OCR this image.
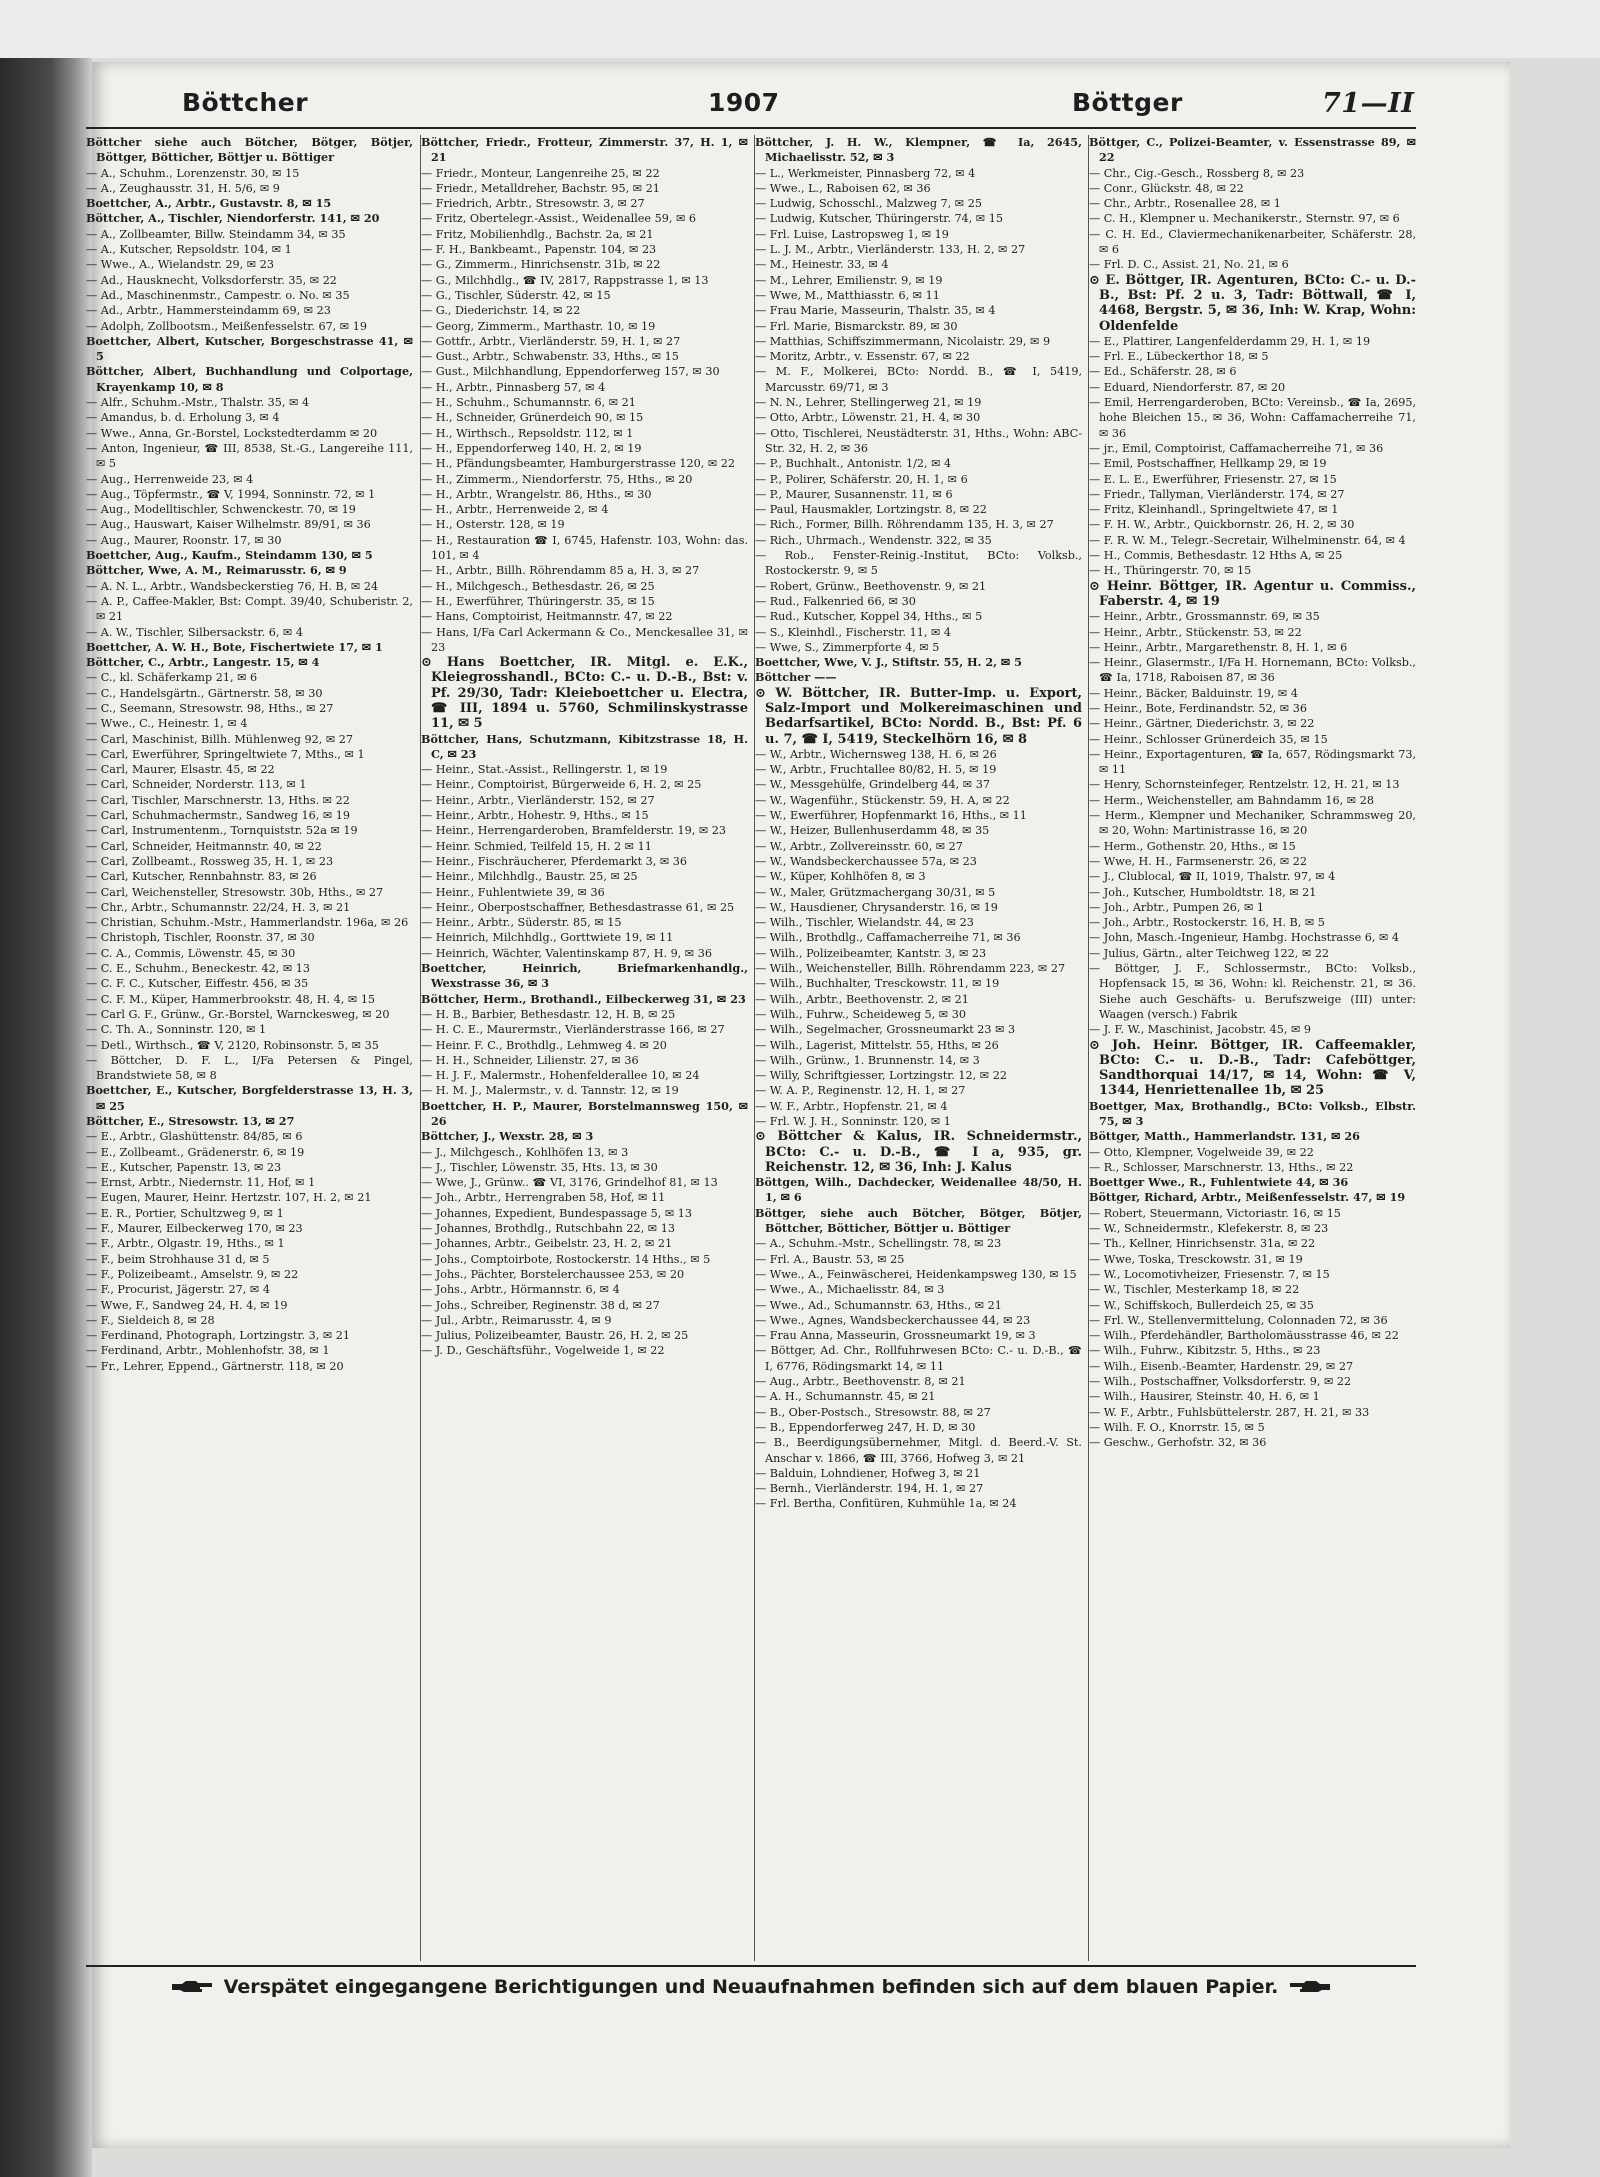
Böttcher	1907	Böttger	71—II
Böttcher siehe auch Bötcher, Bötger, Bötjer, Böttger, Bötticher, Böttjer u. Böttiger
— A., Schuhm., Lorenzenstr. 30, ✉ 15
— A., Zeughausstr. 31, H. 5/6, ✉ 9
Boettcher, A., Arbtr., Gustavstr. 8, ✉ 15
Böttcher, A., Tischler, Niendorferstr. 141, ✉ 20
— A., Zollbeamter, Billw. Steindamm 34, ✉ 35
— A., Kutscher, Repsoldstr. 104, ✉ 1
— Wwe., A., Wielandstr. 29, ✉ 23
— Ad., Hausknecht, Volksdorferstr. 35, ✉ 22
— Ad., Maschinenmstr., Campestr. o. No. ✉ 35
— Ad., Arbtr., Hammersteindamm 69, ✉ 23
— Adolph, Zollbootsm., Meißenfesselstr. 67, ✉ 19
Boettcher, Albert, Kutscher, Borgeschstrasse 41, ✉ 5
Böttcher, Albert, Buchhandlung und Colportage, Krayenkamp 10, ✉ 8
— Alfr., Schuhm.-Mstr., Thalstr. 35, ✉ 4
— Amandus, b. d. Erholung 3, ✉ 4
— Wwe., Anna, Gr.-Borstel, Lockstedterdamm ✉ 20
— Anton, Ingenieur, ☎ III, 8538, St.-G., Langereihe 111, ✉ 5
— Aug., Herrenweide 23, ✉ 4
— Aug., Töpfermstr., ☎ V, 1994, Sonninstr. 72, ✉ 1
— Aug., Modelltischler, Schwenckestr. 70, ✉ 19
— Aug., Hauswart, Kaiser Wilhelmstr. 89/91, ✉ 36
— Aug., Maurer, Roonstr. 17, ✉ 30
Boettcher, Aug., Kaufm., Steindamm 130, ✉ 5
Böttcher, Wwe, A. M., Reimarusstr. 6, ✉ 9
— A. N. L., Arbtr., Wandsbeckerstieg 76, H. B, ✉ 24
— A. P., Caffee-Makler, Bst: Compt. 39/40, Schuberistr. 2, ✉ 21
— A. W., Tischler, Silbersackstr. 6, ✉ 4
Boettcher, A. W. H., Bote, Fischertwiete 17, ✉ 1
Böttcher, C., Arbtr., Langestr. 15, ✉ 4
— C., kl. Schäferkamp 21, ✉ 6
— C., Handelsgärtn., Gärtnerstr. 58, ✉ 30
— C., Seemann, Stresowstr. 98, Hths., ✉ 27
— Wwe., C., Heinestr. 1, ✉ 4
— Carl, Maschinist, Billh. Mühlenweg 92, ✉ 27
— Carl, Ewerführer, Springeltwiete 7, Mths., ✉ 1
— Carl, Maurer, Elsastr. 45, ✉ 22
— Carl, Schneider, Norderstr. 113, ✉ 1
— Carl, Tischler, Marschnerstr. 13, Hths. ✉ 22
— Carl, Schuhmachermstr., Sandweg 16, ✉ 19
— Carl, Instrumentenm., Tornquiststr. 52a ✉ 19
— Carl, Schneider, Heitmannstr. 40, ✉ 22
— Carl, Zollbeamt., Rossweg 35, H. 1, ✉ 23
— Carl, Kutscher, Rennbahnstr. 83, ✉ 26
— Carl, Weichensteller, Stresowstr. 30b, Hths., ✉ 27
— Chr., Arbtr., Schumannstr. 22/24, H. 3, ✉ 21
— Christian, Schuhm.-Mstr., Hammerlandstr. 196a, ✉ 26
— Christoph, Tischler, Roonstr. 37, ✉ 30
— C. A., Commis, Löwenstr. 45, ✉ 30
— C. E., Schuhm., Beneckestr. 42, ✉ 13
— C. F. C., Kutscher, Eiffestr. 456, ✉ 35
— C. F. M., Küper, Hammerbrookstr. 48, H. 4, ✉ 15
— Carl G. F., Grünw., Gr.-Borstel, Warnckesweg, ✉ 20
— C. Th. A., Sonninstr. 120, ✉ 1
— Detl., Wirthsch., ☎ V, 2120, Robinsonstr. 5, ✉ 35
— Böttcher, D. F. L., I/Fa Petersen & Pingel, Brandstwiete 58, ✉ 8
Boettcher, E., Kutscher, Borgfelderstrasse 13, H. 3, ✉ 25
Böttcher, E., Stresowstr. 13, ✉ 27
— E., Arbtr., Glashüttenstr. 84/85, ✉ 6
— E., Zollbeamt., Grädenerstr. 6, ✉ 19
— E., Kutscher, Papenstr. 13, ✉ 23
— Ernst, Arbtr., Niedernstr. 11, Hof, ✉ 1
— Eugen, Maurer, Heinr. Hertzstr. 107, H. 2, ✉ 21
— E. R., Portier, Schultzweg 9, ✉ 1
— F., Maurer, Eilbeckerweg 170, ✉ 23
— F., Arbtr., Olgastr. 19, Hths., ✉ 1
— F., beim Strohhause 31 d, ✉ 5
— F., Polizeibeamt., Amselstr. 9, ✉ 22
— F., Procurist, Jägerstr. 27, ✉ 4
— Wwe, F., Sandweg 24, H. 4, ✉ 19
— F., Sieldeich 8, ✉ 28
— Ferdinand, Photograph, Lortzingstr. 3, ✉ 21
— Ferdinand, Arbtr., Mohlenhofstr. 38, ✉ 1
— Fr., Lehrer, Eppend., Gärtnerstr. 118, ✉ 20
Böttcher, Friedr., Frotteur, Zimmerstr. 37, H. 1, ✉ 21
— Friedr., Monteur, Langenreihe 25, ✉ 22
— Friedr., Metalldreher, Bachstr. 95, ✉ 21
— Friedrich, Arbtr., Stresowstr. 3, ✉ 27
— Fritz, Obertelegr.-Assist., Weidenallee 59, ✉ 6
— Fritz, Mobilienhdlg., Bachstr. 2a, ✉ 21
— F. H., Bankbeamt., Papenstr. 104, ✉ 23
— G., Zimmerm., Hinrichsenstr. 31b, ✉ 22
— G., Milchhdlg., ☎ IV, 2817, Rappstrasse 1, ✉ 13
— G., Tischler, Süderstr. 42, ✉ 15
— G., Diederichstr. 14, ✉ 22
— Georg, Zimmerm., Marthastr. 10, ✉ 19
— Gottfr., Arbtr., Vierländerstr. 59, H. 1, ✉ 27
— Gust., Arbtr., Schwabenstr. 33, Hths., ✉ 15
— Gust., Milchhandlung, Eppendorferweg 157, ✉ 30
— H., Arbtr., Pinnasberg 57, ✉ 4
— H., Schuhm., Schumannstr. 6, ✉ 21
— H., Schneider, Grünerdeich 90, ✉ 15
— H., Wirthsch., Repsoldstr. 112, ✉ 1
— H., Eppendorferweg 140, H. 2, ✉ 19
— H., Pfändungsbeamter, Hamburgerstrasse 120, ✉ 22
— H., Zimmerm., Niendorferstr. 75, Hths., ✉ 20
— H., Arbtr., Wrangelstr. 86, Hths., ✉ 30
— H., Arbtr., Herrenweide 2, ✉ 4
— H., Osterstr. 128, ✉ 19
— H., Restauration ☎ I, 6745, Hafenstr. 103, Wohn: das. 101, ✉ 4
— H., Arbtr., Billh. Röhrendamm 85 a, H. 3, ✉ 27
— H., Milchgesch., Bethesdastr. 26, ✉ 25
— H., Ewerführer, Thüringerstr. 35, ✉ 15
— Hans, Comptoirist, Heitmannstr. 47, ✉ 22
— Hans, I/Fa Carl Ackermann & Co., Menckesallee 31, ✉ 23
⊙ Hans Boettcher, IR. Mitgl. e. E.K., Kleiegrosshandl., BCto: C.- u. D.-B., Bst: v. Pf. 29/30, Tadr: Kleieboettcher u. Electra, ☎ III, 1894 u. 5760, Schmilinskystrasse 11, ✉ 5
Böttcher, Hans, Schutzmann, Kibitzstrasse 18, H. C, ✉ 23
— Heinr., Stat.-Assist., Rellingerstr. 1, ✉ 19
— Heinr., Comptoirist, Bürgerweide 6, H. 2, ✉ 25
— Heinr., Arbtr., Vierländerstr. 152, ✉ 27
— Heinr., Arbtr., Hohestr. 9, Hths., ✉ 15
— Heinr., Herrengarderoben, Bramfelderstr. 19, ✉ 23
— Heinr. Schmied, Teilfeld 15, H. 2 ✉ 11
— Heinr., Fischräucherer, Pferdemarkt 3, ✉ 36
— Heinr., Milchhdlg., Baustr. 25, ✉ 25
— Heinr., Fuhlentwiete 39, ✉ 36
— Heinr., Oberpostschaffner, Bethesdastrasse 61, ✉ 25
— Heinr., Arbtr., Süderstr. 85, ✉ 15
— Heinrich, Milchhdlg., Gorttwiete 19, ✉ 11
— Heinrich, Wächter, Valentinskamp 87, H. 9, ✉ 36
Boettcher, Heinrich, Briefmarkenhandlg., Wexstrasse 36, ✉ 3
Böttcher, Herm., Brothandl., Eilbeckerweg 31, ✉ 23
— H. B., Barbier, Bethesdastr. 12, H. B, ✉ 25
— H. C. E., Maurermstr., Vierländerstrasse 166, ✉ 27
— Heinr. F. C., Brothdlg., Lehmweg 4. ✉ 20
— H. H., Schneider, Lilienstr. 27, ✉ 36
— H. J. F., Malermstr., Hohenfelderallee 10, ✉ 24
— H. M. J., Malermstr., v. d. Tannstr. 12, ✉ 19
Boettcher, H. P., Maurer, Borstelmannsweg 150, ✉ 26
Böttcher, J., Wexstr. 28, ✉ 3
— J., Milchgesch., Kohlhöfen 13, ✉ 3
— J., Tischler, Löwenstr. 35, Hts. 13, ✉ 30
— Wwe, J., Grünw.. ☎ VI, 3176, Grindelhof 81, ✉ 13
— Joh., Arbtr., Herrengraben 58, Hof, ✉ 11
— Johannes, Expedient, Bundespassage 5, ✉ 13
— Johannes, Brothdlg., Rutschbahn 22, ✉ 13
— Johannes, Arbtr., Geibelstr. 23, H. 2, ✉ 21
— Johs., Comptoirbote, Rostockerstr. 14 Hths., ✉ 5
— Johs., Pächter, Borstelerchaussee 253, ✉ 20
— Johs., Arbtr., Hörmannstr. 6, ✉ 4
— Johs., Schreiber, Reginenstr. 38 d, ✉ 27
— Jul., Arbtr., Reimarusstr. 4, ✉ 9
— Julius, Polizeibeamter, Baustr. 26, H. 2, ✉ 25
— J. D., Geschäftsführ., Vogelweide 1, ✉ 22
Böttcher, J. H. W., Klempner, ☎ Ia, 2645, Michaelisstr. 52, ✉ 3
— L., Werkmeister, Pinnasberg 72, ✉ 4
— Wwe., L., Raboisen 62, ✉ 36
— Ludwig, Schosschl., Malzweg 7, ✉ 25
— Ludwig, Kutscher, Thüringerstr. 74, ✉ 15
— Frl. Luise, Lastropsweg 1, ✉ 19
— L. J. M., Arbtr., Vierländerstr. 133, H. 2, ✉ 27
— M., Heinestr. 33, ✉ 4
— M., Lehrer, Emilienstr. 9, ✉ 19
— Wwe, M., Matthiasstr. 6, ✉ 11
— Frau Marie, Masseurin, Thalstr. 35, ✉ 4
— Frl. Marie, Bismarckstr. 89, ✉ 30
— Matthias, Schiffszimmermann, Nicolaistr. 29, ✉ 9
— Moritz, Arbtr., v. Essenstr. 67, ✉ 22
— M. F., Molkerei, BCto: Nordd. B., ☎ I, 5419, Marcusstr. 69/71, ✉ 3
— N. N., Lehrer, Stellingerweg 21, ✉ 19
— Otto, Arbtr., Löwenstr. 21, H. 4, ✉ 30
— Otto, Tischlerei, Neustädterstr. 31, Hths., Wohn: ABC-Str. 32, H. 2, ✉ 36
— P., Buchhalt., Antonistr. 1/2, ✉ 4
— P., Polirer, Schäferstr. 20, H. 1, ✉ 6
— P., Maurer, Susannenstr. 11, ✉ 6
— Paul, Hausmakler, Lortzingstr. 8, ✉ 22
— Rich., Former, Billh. Röhrendamm 135, H. 3, ✉ 27
— Rich., Uhrmach., Wendenstr. 322, ✉ 35
— Rob., Fenster-Reinig.-Institut, BCto: Volksb., Rostockerstr. 9, ✉ 5
— Robert, Grünw., Beethovenstr. 9, ✉ 21
— Rud., Falkenried 66, ✉ 30
— Rud., Kutscher, Koppel 34, Hths., ✉ 5
— S., Kleinhdl., Fischerstr. 11, ✉ 4
— Wwe, S., Zimmerpforte 4, ✉ 5
Boettcher, Wwe, V. J., Stiftstr. 55, H. 2, ✉ 5
Böttcher ——
⊙ W. Böttcher, IR. Butter-Imp. u. Export, Salz-Import und Molkereimaschinen und Bedarfsartikel, BCto: Nordd. B., Bst: Pf. 6 u. 7, ☎ I, 5419, Steckelhörn 16, ✉ 8
— W., Arbtr., Wichernsweg 138, H. 6, ✉ 26
— W., Arbtr., Fruchtallee 80/82, H. 5, ✉ 19
— W., Messgehülfe, Grindelberg 44, ✉ 37
— W., Wagenführ., Stückenstr. 59, H. A, ✉ 22
— W., Ewerführer, Hopfenmarkt 16, Hths., ✉ 11
— W., Heizer, Bullenhuserdamm 48, ✉ 35
— W., Arbtr., Zollvereinsstr. 60, ✉ 27
— W., Wandsbeckerchaussee 57a, ✉ 23
— W., Küper, Kohlhöfen 8, ✉ 3
— W., Maler, Grützmachergang 30/31, ✉ 5
— W., Hausdiener, Chrysanderstr. 16, ✉ 19
— Wilh., Tischler, Wielandstr. 44, ✉ 23
— Wilh., Brothdlg., Caffamacherreihe 71, ✉ 36
— Wilh., Polizeibeamter, Kantstr. 3, ✉ 23
— Wilh., Weichensteller, Billh. Röhrendamm 223, ✉ 27
— Wilh., Buchhalter, Tresckowstr. 11, ✉ 19
— Wilh., Arbtr., Beethovenstr. 2, ✉ 21
— Wilh., Fuhrw., Scheideweg 5, ✉ 30
— Wilh., Segelmacher, Grossneumarkt 23 ✉ 3
— Wilh., Lagerist, Mittelstr. 55, Hths, ✉ 26
— Wilh., Grünw., 1. Brunnenstr. 14, ✉ 3
— Willy, Schriftgiesser, Lortzingstr. 12, ✉ 22
— W. A. P., Reginenstr. 12, H. 1, ✉ 27
— W. F., Arbtr., Hopfenstr. 21, ✉ 4
— Frl. W. J. H., Sonninstr. 120, ✉ 1
⊙ Böttcher & Kalus, IR. Schneidermstr., BCto: C.- u. D.-B., ☎ I a, 935, gr. Reichenstr. 12, ✉ 36, Inh: J. Kalus
Böttgen, Wilh., Dachdecker, Weidenallee 48/50, H. 1, ✉ 6
Böttger, siehe auch Bötcher, Bötger, Bötjer, Böttcher, Bötticher, Böttjer u. Böttiger
— A., Schuhm.-Mstr., Schellingstr. 78, ✉ 23
— Frl. A., Baustr. 53, ✉ 25
— Wwe., A., Feinwäscherei, Heidenkampsweg 130, ✉ 15
— Wwe., A., Michaelisstr. 84, ✉ 3
— Wwe., Ad., Schumannstr. 63, Hths., ✉ 21
— Wwe., Agnes, Wandsbeckerchaussee 44, ✉ 23
— Frau Anna, Masseurin, Grossneumarkt 19, ✉ 3
— Böttger, Ad. Chr., Rollfuhrwesen BCto: C.- u. D.-B., ☎ I, 6776, Rödingsmarkt 14, ✉ 11
— Aug., Arbtr., Beethovenstr. 8, ✉ 21
— A. H., Schumannstr. 45, ✉ 21
— B., Ober-Postsch., Stresowstr. 88, ✉ 27
— B., Eppendorferweg 247, H. D, ✉ 30
— B., Beerdigungsübernehmer, Mitgl. d. Beerd.-V. St. Anschar v. 1866, ☎ III, 3766, Hofweg 3, ✉ 21
— Balduin, Lohndiener, Hofweg 3, ✉ 21
— Bernh., Vierländerstr. 194, H. 1, ✉ 27
— Frl. Bertha, Confitüren, Kuhmühle 1a, ✉ 24
Böttger, C., Polizei-Beamter, v. Essenstrasse 89, ✉ 22
— Chr., Cig.-Gesch., Rossberg 8, ✉ 23
— Conr., Glückstr. 48, ✉ 22
— Chr., Arbtr., Rosenallee 28, ✉ 1
— C. H., Klempner u. Mechanikerstr., Sternstr. 97, ✉ 6
— C. H. Ed., Claviermechanikenarbeiter, Schäferstr. 28, ✉ 6
— Frl. D. C., Assist. 21, No. 21, ✉ 6
⊙ E. Böttger, IR. Agenturen, BCto: C.- u. D.-B., Bst: Pf. 2 u. 3, Tadr: Böttwall, ☎ I, 4468, Bergstr. 5, ✉ 36, Inh: W. Krap, Wohn: Oldenfelde
— E., Plattirer, Langenfelderdamm 29, H. 1, ✉ 19
— Frl. E., Lübeckerthor 18, ✉ 5
— Ed., Schäferstr. 28, ✉ 6
— Eduard, Niendorferstr. 87, ✉ 20
— Emil, Herrengarderoben, BCto: Vereinsb., ☎ Ia, 2695, hohe Bleichen 15., ✉ 36, Wohn: Caffamacherreihe 71, ✉ 36
— jr., Emil, Comptoirist, Caffamacherreihe 71, ✉ 36
— Emil, Postschaffner, Hellkamp 29, ✉ 19
— E. L. E., Ewerführer, Friesenstr. 27, ✉ 15
— Friedr., Tallyman, Vierländerstr. 174, ✉ 27
— Fritz, Kleinhandl., Springeltwiete 47, ✉ 1
— F. H. W., Arbtr., Quickbornstr. 26, H. 2, ✉ 30
— F. R. W. M., Telegr.-Secretair, Wilhelminenstr. 64, ✉ 4
— H., Commis, Bethesdastr. 12 Hths A, ✉ 25
— H., Thüringerstr. 70, ✉ 15
⊙ Heinr. Böttger, IR. Agentur u. Commiss., Faberstr. 4, ✉ 19
— Heinr., Arbtr., Grossmannstr. 69, ✉ 35
— Heinr., Arbtr., Stückenstr. 53, ✉ 22
— Heinr., Arbtr., Margarethenstr. 8, H. 1, ✉ 6
— Heinr., Glasermstr., I/Fa H. Hornemann, BCto: Volksb., ☎ Ia, 1718, Raboisen 87, ✉ 36
— Heinr., Bäcker, Balduinstr. 19, ✉ 4
— Heinr., Bote, Ferdinandstr. 52, ✉ 36
— Heinr., Gärtner, Diederichstr. 3, ✉ 22
— Heinr., Schlosser Grünerdeich 35, ✉ 15
— Heinr., Exportagenturen, ☎ Ia, 657, Rödingsmarkt 73, ✉ 11
— Henry, Schornsteinfeger, Rentzelstr. 12, H. 21, ✉ 13
— Herm., Weichensteller, am Bahndamm 16, ✉ 28
— Herm., Klempner und Mechaniker, Schrammsweg 20, ✉ 20, Wohn: Martinistrasse 16, ✉ 20
— Herm., Gothenstr. 20, Hths., ✉ 15
— Wwe, H. H., Farmsenerstr. 26, ✉ 22
— J., Clublocal, ☎ II, 1019, Thalstr. 97, ✉ 4
— Joh., Kutscher, Humboldtstr. 18, ✉ 21
— Joh., Arbtr., Pumpen 26, ✉ 1
— Joh., Arbtr., Rostockerstr. 16, H. B, ✉ 5
— John, Masch.-Ingenieur, Hambg. Hochstrasse 6, ✉ 4
— Julius, Gärtn., alter Teichweg 122, ✉ 22
— Böttger, J. F., Schlossermstr., BCto: Volksb., Hopfensack 15, ✉ 36, Wohn: kl. Reichenstr. 21, ✉ 36. Siehe auch Geschäfts- u. Berufszweige (III) unter: Waagen (versch.) Fabrik
— J. F. W., Maschinist, Jacobstr. 45, ✉ 9
⊙ Joh. Heinr. Böttger, IR. Caffeemakler, BCto: C.- u. D.-B., Tadr: Cafeböttger, Sandthorquai 14/17, ✉ 14, Wohn: ☎ V, 1344, Henriettenallee 1b, ✉ 25
Boettger, Max, Brothandlg., BCto: Volksb., Elbstr. 75, ✉ 3
Böttger, Matth., Hammerlandstr. 131, ✉ 26
— Otto, Klempner, Vogelweide 39, ✉ 22
— R., Schlosser, Marschnerstr. 13, Hths., ✉ 22
Boettger Wwe., R., Fuhlentwiete 44, ✉ 36
Böttger, Richard, Arbtr., Meißenfesselstr. 47, ✉ 19
— Robert, Steuermann, Victoriastr. 16, ✉ 15
— W., Schneidermstr., Klefekerstr. 8, ✉ 23
— Th., Kellner, Hinrichsenstr. 31a, ✉ 22
— Wwe, Toska, Tresckowstr. 31, ✉ 19
— W., Locomotivheizer, Friesenstr. 7, ✉ 15
— W., Tischler, Mesterkamp 18, ✉ 22
— W., Schiffskoch, Bullerdeich 25, ✉ 35
— Frl. W., Stellenvermittelung, Colonnaden 72, ✉ 36
— Wilh., Pferdehändler, Bartholomäusstrasse 46, ✉ 22
— Wilh., Fuhrw., Kibitzstr. 5, Hths., ✉ 23
— Wilh., Eisenb.-Beamter, Hardenstr. 29, ✉ 27
— Wilh., Postschaffner, Volksdorferstr. 9, ✉ 22
— Wilh., Hausirer, Steinstr. 40, H. 6, ✉ 1
— W. F., Arbtr., Fuhlsbüttelerstr. 287, H. 21, ✉ 33
— Wilh. F. O., Knorrstr. 15, ✉ 5
— Geschw., Gerhofstr. 32, ✉ 36
Verspätet eingegangene Berichtigungen und Neuaufnahmen befinden sich auf dem blauen Papier.
